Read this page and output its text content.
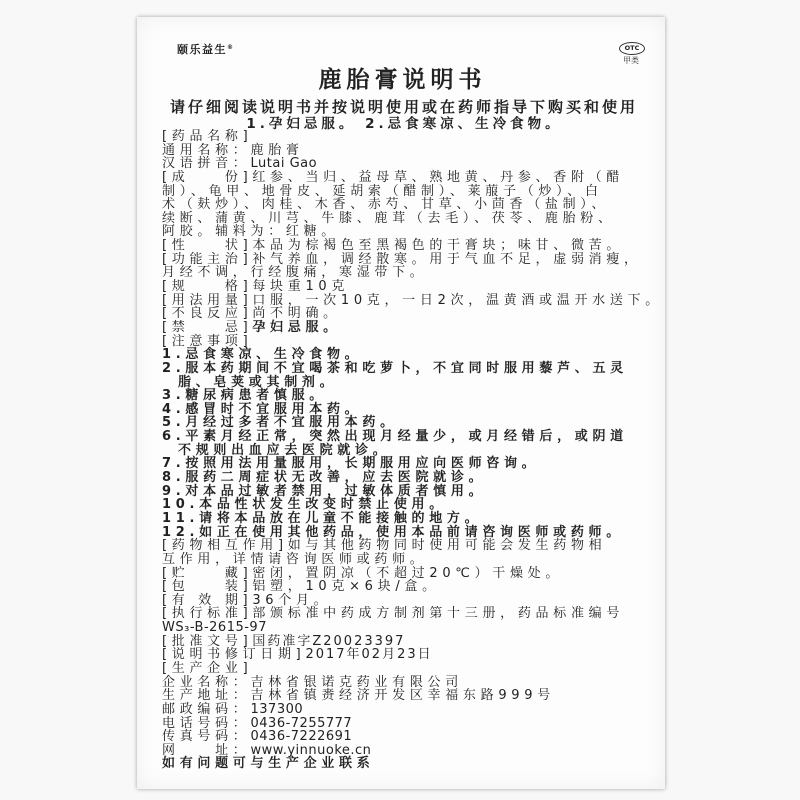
颐乐益生®	OTC
甲类
鹿胎膏说明书
请仔细阅读说明书并按说明使用或在药师指导下购买和使用
1.孕妇忌服。 2.忌食寒凉、生冷食物。
[药品名称]
通用名称：鹿胎膏
汉语拼音：Lutai Gao
[成　　份]红参、当归、益母草、熟地黄、丹参、香附（醋
制）、龟甲、地骨皮、延胡索（醋制）、莱菔子（炒）、白
术（麸炒）、肉桂、木香、赤芍、甘草、小茴香（盐制）、
续断、蒲黄、川芎、牛膝、鹿茸（去毛）、茯苓、鹿胎粉、
阿胶。辅料为：红糖。
[性　　状]本品为棕褐色至黑褐色的干膏块；味甘、微苦。
[功能主治]补气养血，调经散寒。用于气血不足，虚弱消瘦，
月经不调，行经腹痛，寒湿带下。
[规　　格]每块重10克
[用法用量]口服，一次10克，一日2次，温黄酒或温开水送下。
[不良反应]尚不明确。
[禁　　忌]孕妇忌服。
[注意事项]
1.忌食寒凉、生冷食物。
2.服本药期间不宜喝茶和吃萝卜，不宜同时服用藜芦、五灵
脂、皂荚或其制剂。
3.糖尿病患者慎服。
4.感冒时不宜服用本药。
5.月经过多者不宜服用本药。
6.平素月经正常，突然出现月经量少，或月经错后，或阴道
不规则出血应去医院就诊。
7.按照用法用量服用，长期服用应向医师咨询。
8.服药二周症状无改善，应去医院就诊。
9.对本品过敏者禁用，过敏体质者慎用。
10.本品性状发生改变时禁止使用。
11.请将本品放在儿童不能接触的地方。
12.如正在使用其他药品，使用本品前请咨询医师或药师。
[药物相互作用]如与其他药物同时使用可能会发生药物相
互作用，详情请咨询医师或药师。
[贮　　藏]密闭，置阴凉（不超过20℃）干燥处。
[包　　装]铝塑，10克×6块/盒。
[有 效 期]36个月。
[执行标准]部颁标准中药成方制剂第十三册，药品标准编号
WS₃-B-2615-97
[批准文号]国药准字Z20023397
[说明书修订日期]2017年02月23日
[生产企业]
企业名称：吉林省银诺克药业有限公司
生产地址：吉林省镇赉经济开发区幸福东路999号
邮政编码：137300
电话号码：0436-7255777
传真号码：0436-7222691
网　　址：www.yinnuoke.cn
如有问题可与生产企业联系
